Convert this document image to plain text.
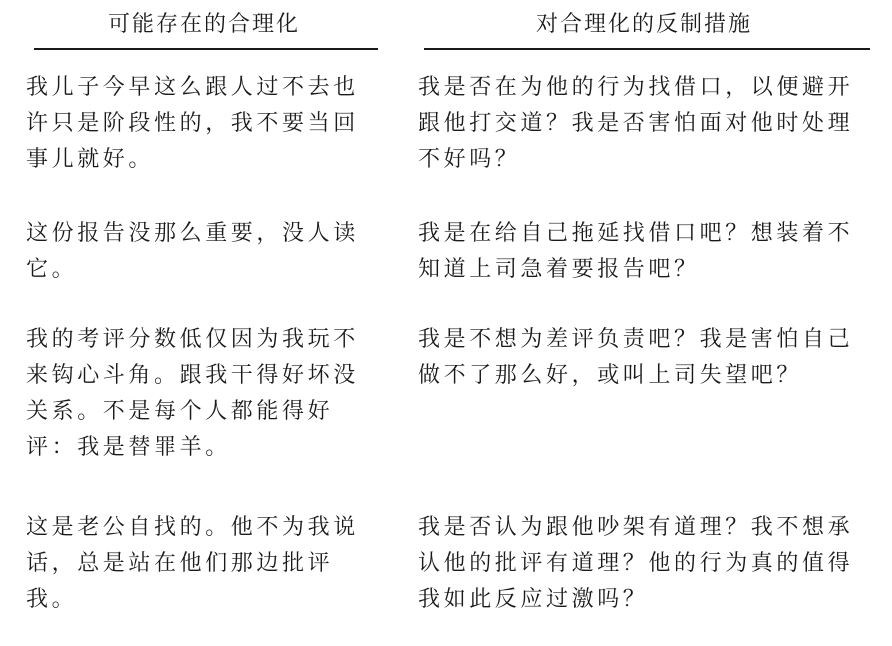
可能存在的合理化
我儿子今早这么跟人过不去也许只是阶段性的，我不要当回事儿就好。
这份报告没那么重要，没人读它。
我的考评分数低仅因为我玩不来钩心斗角。跟我干得好坏没关系。不是每个人都能得好评：我是替罪羊。
这是老公自找的。他不为我说话，总是站在他们那边批评我。
对合理化的反制措施
我是否在为他的行为找借口，以便避开跟他打交道？我是否害怕面对他时处理不好吗？
我是在给自己拖延找借口吧？想装着不知道上司急着要报告吧？
我是不想为差评负责吧？我是害怕自己做不了那么好，或叫上司失望吧？
我是否认为跟他吵架有道理？我不想承认他的批评有道理？他的行为真的值得我如此反应过激吗？
